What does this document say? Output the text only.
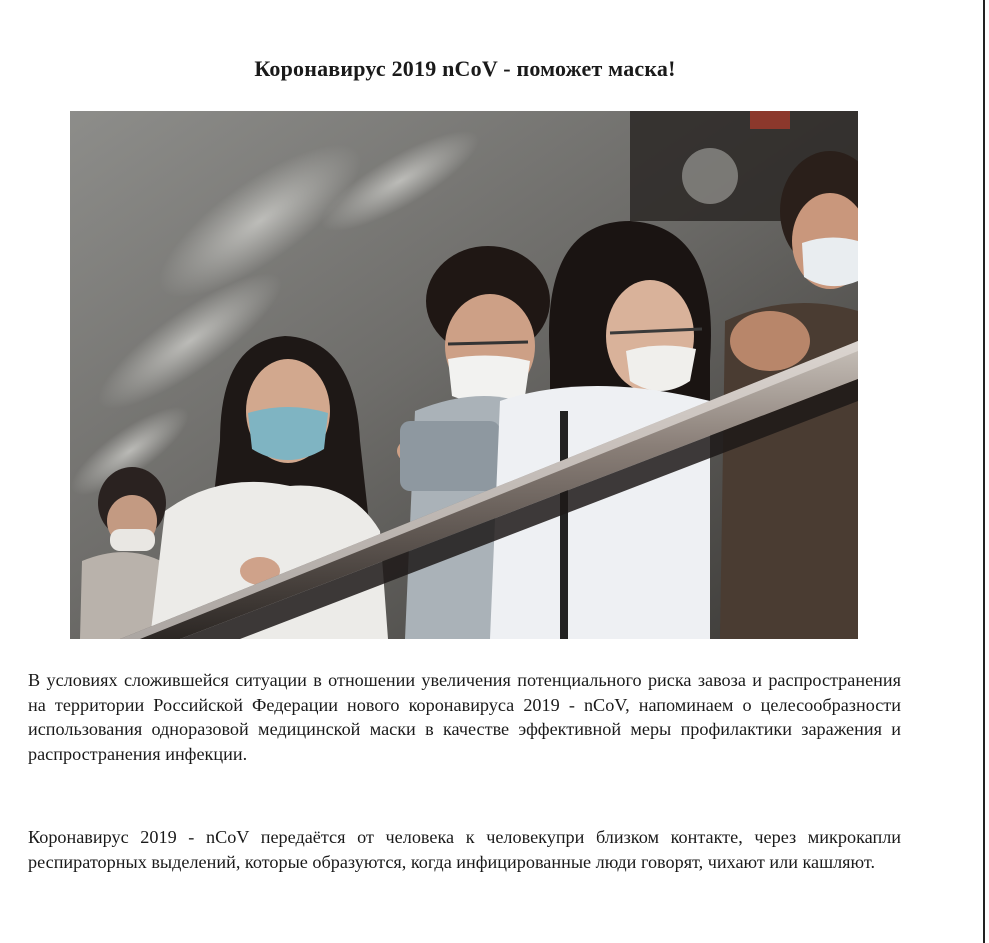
Коронавирус 2019 nCoV - поможет маска!

В условиях сложившейся ситуации в отношении увеличения потенциального риска завоза и распространения на территории Российской Федерации нового коронавируса 2019 - nCoV, напоминаем о целесообразности использования одноразовой медицинской маски в качестве эффективной меры профилактики заражения и распространения инфекции.

Коронавирус 2019 - nCoV передаётся от человека к человекупри близком контакте, через микрокапли респираторных выделений, которые образуются, когда инфицированные люди говорят, чихают или кашляют.
